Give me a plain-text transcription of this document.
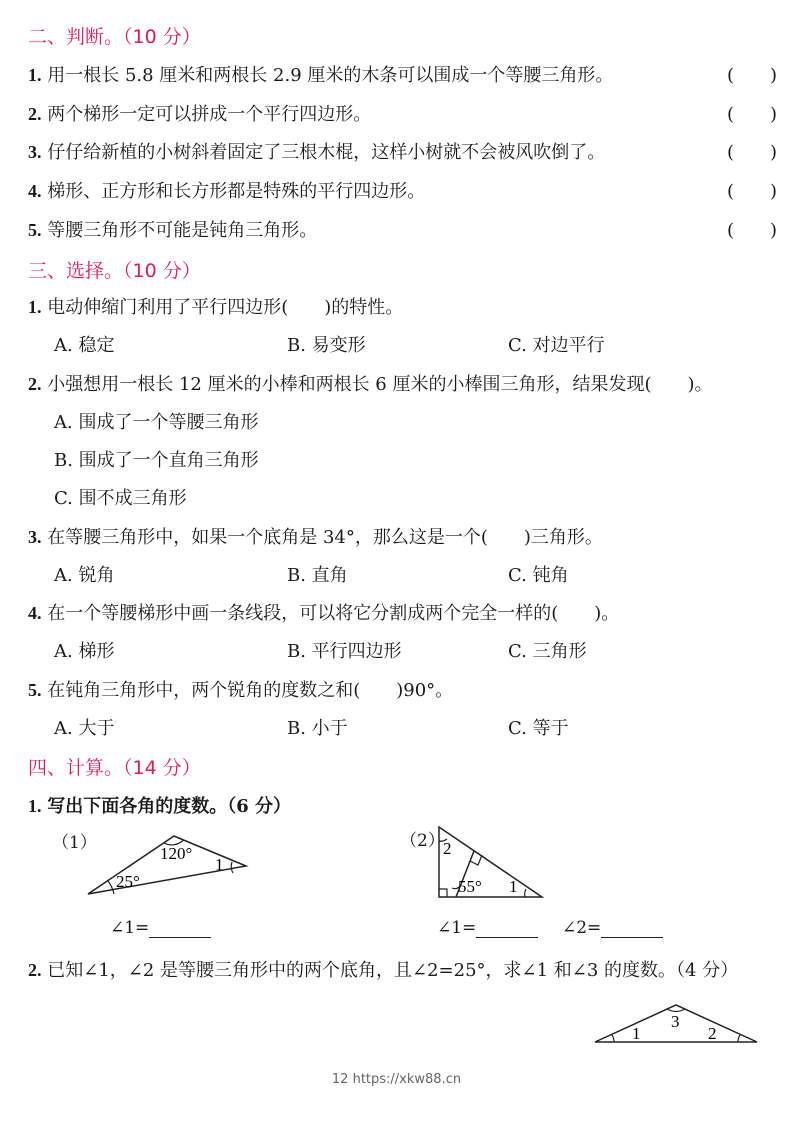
二、判断。（10 分）
1. 用一根长 5.8 厘米和两根长 2.9 厘米的木条可以围成一个等腰三角形。	(　　)
2. 两个梯形一定可以拼成一个平行四边形。	(　　)
3. 仔仔给新植的小树斜着固定了三根木棍，这样小树就不会被风吹倒了。	(　　)
4. 梯形、正方形和长方形都是特殊的平行四边形。	(　　)
5. 等腰三角形不可能是钝角三角形。	(　　)
三、选择。（10 分）
1. 电动伸缩门利用了平行四边形(　　)的特性。
A. 稳定	B. 易变形	C. 对边平行
2. 小强想用一根长 12 厘米的小棒和两根长 6 厘米的小棒围三角形，结果发现(　　)。
A. 围成了一个等腰三角形
B. 围成了一个直角三角形
C. 围不成三角形
3. 在等腰三角形中，如果一个底角是 34°，那么这是一个(　　)三角形。
A. 锐角	B. 直角	C. 钝角
4. 在一个等腰梯形中画一条线段，可以将它分割成两个完全一样的(　　)。
A. 梯形	B. 平行四边形	C. 三角形
5. 在钝角三角形中，两个锐角的度数之和(　　)90°。
A. 大于	B. 小于	C. 等于
四、计算。（14 分）
1. 写出下面各角的度数。（6 分）
（1）
120°
25°
1
∠1=
（2）
2
55° 1
∠1=	∠2=
2. 已知∠1，∠2 是等腰三角形中的两个底角，且∠2=25°，求∠1 和∠3 的度数。（4 分）
1
3
2
12 https://xkw88.cn
